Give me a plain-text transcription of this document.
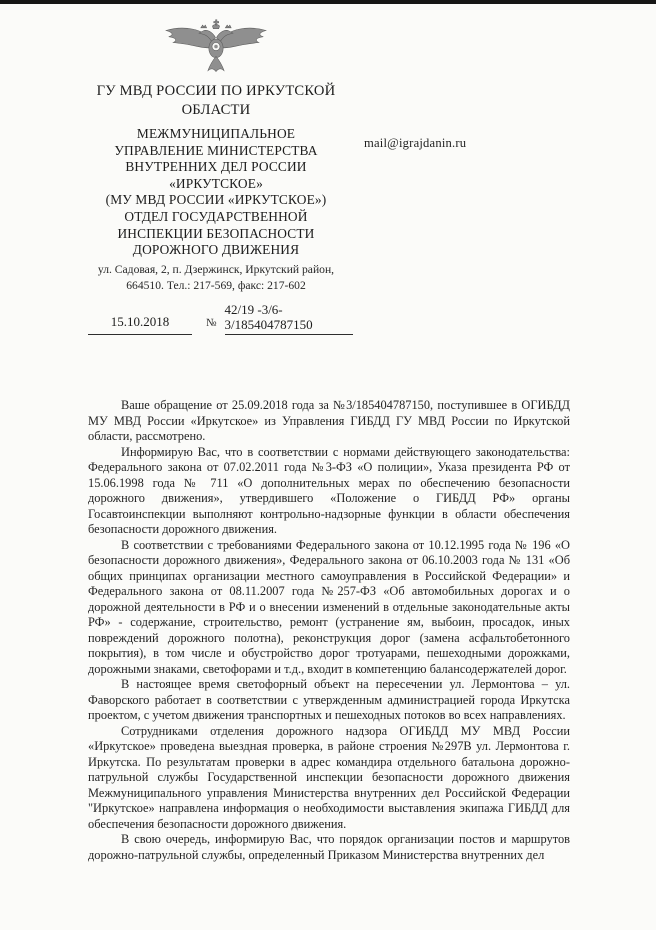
ГУ МВД РОССИИ ПО ИРКУТСКОЙ
ОБЛАСТИ
МЕЖМУНИЦИПАЛЬНОЕ
УПРАВЛЕНИЕ МИНИСТЕРСТВА
ВНУТРЕННИХ ДЕЛ РОССИИ
«ИРКУТСКОЕ»
(МУ МВД РОССИИ «ИРКУТСКОЕ»)
ОТДЕЛ ГОСУДАРСТВЕННОЙ
ИНСПЕКЦИИ БЕЗОПАСНОСТИ
ДОРОЖНОГО ДВИЖЕНИЯ
ул. Садовая, 2, п. Дзержинск, Иркутский район,
664510. Тел.: 217-569, факс: 217-602
15.10.2018	№
42/19 -3/6-
3/185404787150
mail@igrajdanin.ru

Ваше обращение от 25.09.2018 года за №3/185404787150, поступившее в ОГИБДД МУ МВД России «Иркутское» из Управления ГИБДД ГУ МВД России по Иркутской области, рассмотрено.

Информирую Вас, что в соответствии с нормами действующего законодательства: Федерального закона от 07.02.2011 года №3-ФЗ «О полиции», Указа президента РФ от 15.06.1998 года № 711 «О дополнительных мерах по обеспечению безопасности дорожного движения», утвердившего «Положение о ГИБДД РФ» органы Госавтоинспекции выполняют контрольно-надзорные функции в области обеспечения безопасности дорожного движения.

В соответствии с требованиями Федерального закона от 10.12.1995 года № 196 «О безопасности дорожного движения», Федерального закона от 06.10.2003 года № 131 «Об общих принципах организации местного самоуправления в Российской Федерации» и Федерального закона от 08.11.2007 года №257-ФЗ «Об автомобильных дорогах и о дорожной деятельности в РФ и о внесении изменений в отдельные законодательные акты РФ» - содержание, строительство, ремонт (устранение ям, выбоин, просадок, иных повреждений дорожного полотна), реконструкция дорог (замена асфальтобетонного покрытия), в том числе и обустройство дорог тротуарами, пешеходными дорожками, дорожными знаками, светофорами и т.д., входит в компетенцию балансодержателей дорог.

В настоящее время светофорный объект на пересечении ул. Лермонтова – ул. Фаворского работает в соответствии с утвержденным администрацией города Иркутска проектом, с учетом движения транспортных и пешеходных потоков во всех направлениях.

Сотрудниками отделения дорожного надзора ОГИБДД МУ МВД России «Иркутское» проведена выездная проверка, в районе строения №297В ул. Лермонтова г. Иркутска. По результатам проверки в адрес командира отдельного батальона дорожно-патрульной службы Государственной инспекции безопасности дорожного движения Межмуниципального управления Министерства внутренних дел Российской Федерации "Иркутское» направлена информация о необходимости выставления экипажа ГИБДД для обеспечения безопасности дорожного движения.

В свою очередь, информирую Вас, что порядок организации постов и маршрутов дорожно-патрульной службы, определенный Приказом Министерства внутренних дел
